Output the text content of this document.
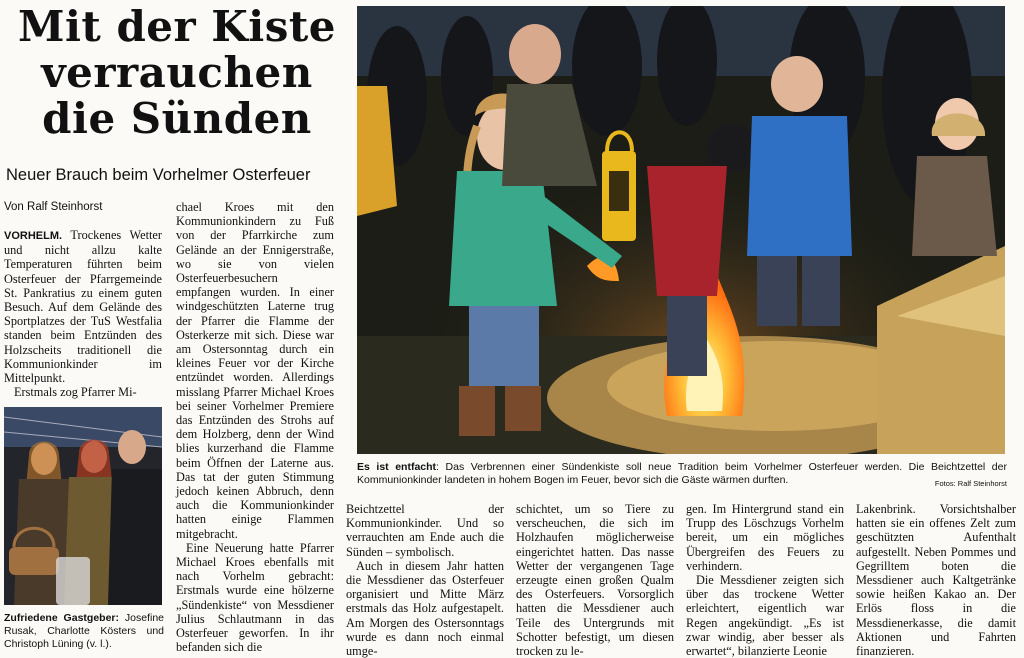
Mit der Kiste
verrauchen
die Sünden
Neuer Brauch beim Vorhelmer Osterfeuer
Von Ralf Steinhorst

VORHELM. Trockenes Wetter und nicht allzu kalte Temperaturen führten beim Osterfeuer der Pfarrgemeinde St. Pankratius zu einem guten Besuch. Auf dem Gelände des Sportplatzes der TuS Westfalia standen beim Entzünden des Holzscheits traditionell die Kommunionkinder im Mittelpunkt.

Erstmals zog Pfarrer Mi-

chael Kroes mit den Kommunionkindern zu Fuß von der Pfarrkirche zum Gelände an der Ennigerstraße, wo sie von vielen Osterfeuerbesuchern empfangen wurden. In einer windgeschützten Laterne trug der Pfarrer die Flamme der Osterkerze mit sich. Diese war am Ostersonntag durch ein kleines Feuer vor der Kirche entzündet worden. Allerdings misslang Pfarrer Michael Kroes bei seiner Vorhelmer Premiere das Entzünden des Strohs auf dem Holzberg, denn der Wind blies kurzerhand die Flamme beim Öffnen der Laterne aus. Das tat der guten Stimmung jedoch keinen Abbruch, denn auch die Kommunionkinder hatten einige Flammen mitgebracht.

Eine Neuerung hatte Pfarrer Michael Kroes ebenfalls mit nach Vorhelm gebracht: Erstmals wurde eine hölzerne „Sündenkiste“ von Messdiener Julius Schlautmann in das Osterfeuer geworfen. In ihr befanden sich die

Beichtzettel der Kommunionkinder. Und so verrauchten am Ende auch die Sünden – symbolisch.

Auch in diesem Jahr hatten die Messdiener das Osterfeuer organisiert und Mitte März erstmals das Holz aufgestapelt. Am Morgen des Ostersonntags wurde es dann noch einmal umge-

schichtet, um so Tiere zu verscheuchen, die sich im Holzhaufen möglicherweise eingerichtet hatten. Das nasse Wetter der vergangenen Tage erzeugte einen großen Qualm des Osterfeuers. Vorsorglich hatten die Messdiener auch Teile des Untergrunds mit Schotter befestigt, um diesen trocken zu le-

gen. Im Hintergrund stand ein Trupp des Löschzugs Vorhelm bereit, um ein mögliches Übergreifen des Feuers zu verhindern.

Die Messdiener zeigten sich über das trockene Wetter erleichtert, eigentlich war Regen angekündigt. „Es ist zwar windig, aber besser als erwartet“, bilanzierte Leonie

Lakenbrink. Vorsichtshalber hatten sie ein offenes Zelt zum geschützten Aufenthalt aufgestellt. Neben Pommes und Gegrilltem boten die Messdiener auch Kaltgetränke sowie heißen Kakao an. Der Erlös floss in die Messdienerkasse, die damit Aktionen und Fahrten finanzieren.

Es ist entfacht: Das Verbrennen einer Sündenkiste soll neue Tradition beim Vorhelmer Osterfeuer werden. Die Beichtzettel der Kommunionkinder landeten in hohem Bogen im Feuer, bevor sich die Gäste wärmen durften.	Fotos: Ralf Steinhorst
Zufriedene Gastgeber: Josefine Rusak, Charlotte Kösters und Christoph Lüning (v. l.).
